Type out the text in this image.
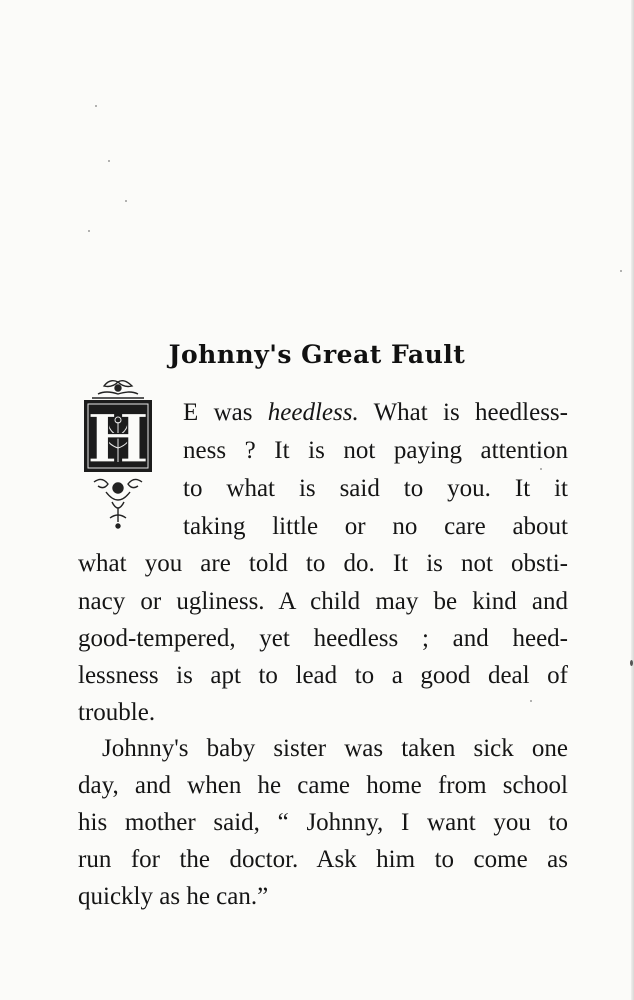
Johnny's Great Fault
H E was heedless. What is heedless-
ness ? It is not paying attention
to what is said to you. It it
taking little or no care about
what you are told to do. It is not obsti-
nacy or ugliness. A child may be kind and
good-tempered, yet heedless ; and heed-
lessness is apt to lead to a good deal of
trouble.
Johnny's baby sister was taken sick one
day, and when he came home from school
his mother said, “ Johnny, I want you to
run for the doctor. Ask him to come as
quickly as he can.”
